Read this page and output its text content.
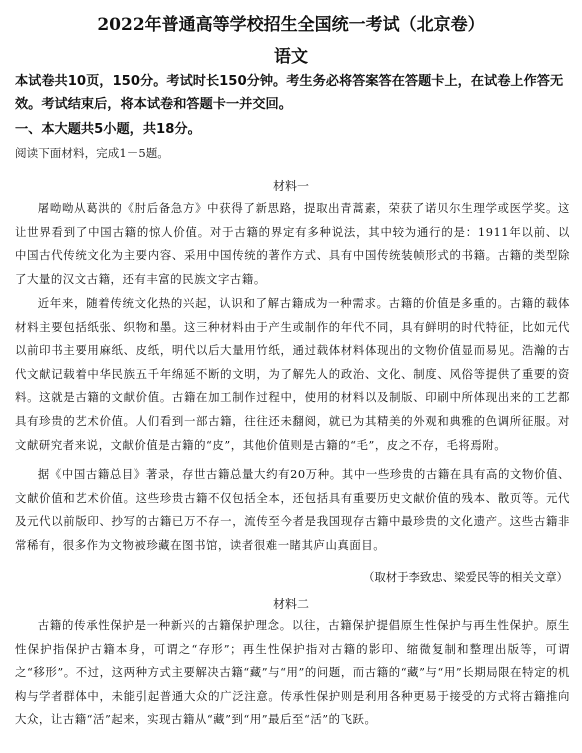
2022年普通高等学校招生全国统一考试（北京卷）
语文
本试卷共10页，150分。考试时长150分钟。考生务必将答案答在答题卡上，在试卷上作答无效。考试结束后，将本试卷和答题卡一并交回。
一、本大题共5小题，共18分。
阅读下面材料，完成1－5题。
材料一

屠呦呦从葛洪的《肘后备急方》中获得了新思路，提取出青蒿素，荣获了诺贝尔生理学或医学奖。这让世界看到了中国古籍的惊人价值。对于古籍的界定有多种说法，其中较为通行的是：1911年以前、以中国古代传统文化为主要内容、采用中国传统的著作方式、具有中国传统装帧形式的书籍。古籍的类型除了大量的汉文古籍，还有丰富的民族文字古籍。

近年来，随着传统文化热的兴起，认识和了解古籍成为一种需求。古籍的价值是多重的。古籍的载体材料主要包括纸张、织物和墨。这三种材料由于产生或制作的年代不同，具有鲜明的时代特征，比如元代以前印书主要用麻纸、皮纸，明代以后大量用竹纸，通过载体材料体现出的文物价值显而易见。浩瀚的古代文献记载着中华民族五千年绵延不断的文明，为了解先人的政治、文化、制度、风俗等提供了重要的资料。这就是古籍的文献价值。古籍在加工制作过程中，使用的材料以及制版、印刷中所体现出来的工艺都具有珍贵的艺术价值。人们看到一部古籍，往往还未翻阅，就已为其精美的外观和典雅的色调所征服。对文献研究者来说，文献价值是古籍的“皮”，其他价值则是古籍的“毛”，皮之不存，毛将焉附。

据《中国古籍总目》著录，存世古籍总量大约有20万种。其中一些珍贵的古籍在具有高的文物价值、文献价值和艺术价值。这些珍贵古籍不仅包括全本，还包括具有重要历史文献价值的残本、散页等。元代及元代以前版印、抄写的古籍已万不存一，流传至今者是我国现存古籍中最珍贵的文化遗产。这些古籍非常稀有，很多作为文物被珍藏在图书馆，读者很难一睹其庐山真面目。

（取材于李致忠、梁爱民等的相关文章）
材料二

古籍的传承性保护是一种新兴的古籍保护理念。以往，古籍保护提倡原生性保护与再生性保护。原生性保护指保护古籍本身，可谓之“存形”；再生性保护指对古籍的影印、缩微复制和整理出版等，可谓之“移形”。不过，这两种方式主要解决古籍“藏”与“用”的问题，而古籍的“藏”与“用”长期局限在特定的机构与学者群体中，未能引起普通大众的广泛注意。传承性保护则是利用各种更易于接受的方式将古籍推向大众，让古籍“活”起来，实现古籍从“藏”到“用”最后至“活”的飞跃。
